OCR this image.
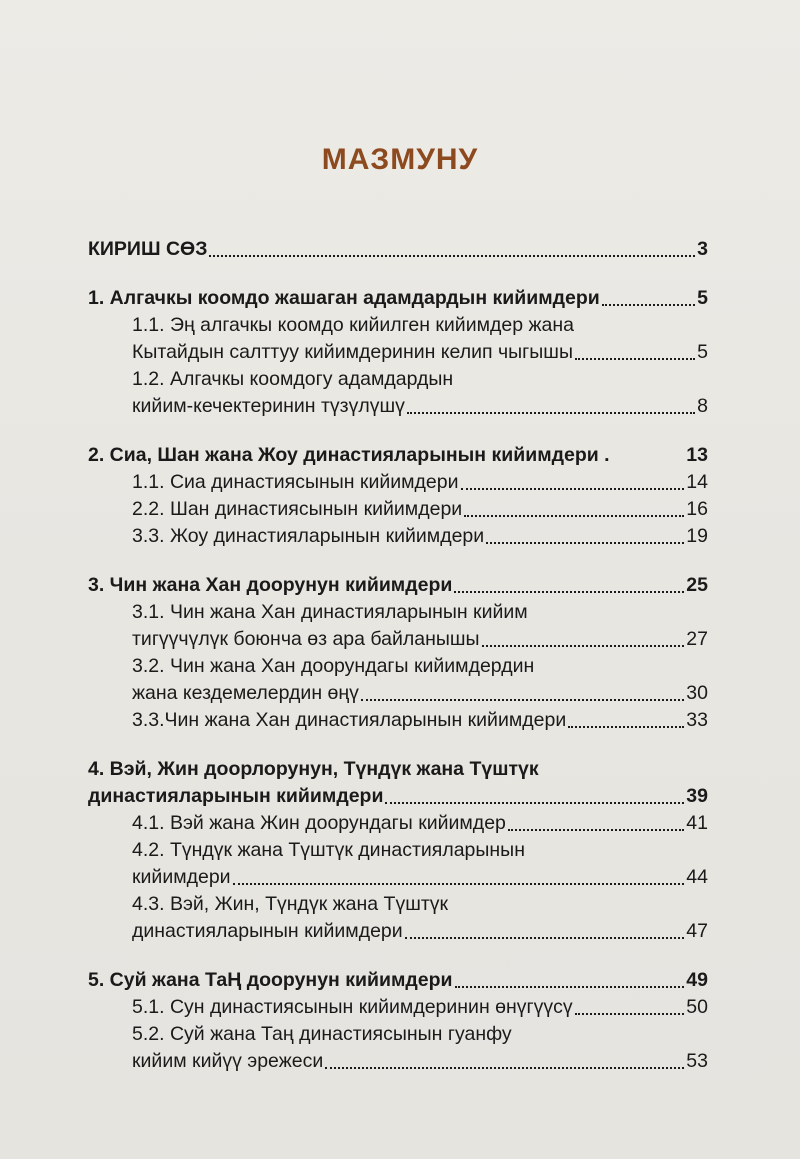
МАЗМУНУ
КИРИШ СӨЗ	3
1. Алгачкы коомдо жашаган адамдардын кийимдери	5
1.1. Эң алгачкы коомдо кийилген кийимдер жана
Кытайдын салттуу кийимдеринин келип чыгышы	5
1.2. Алгачкы коомдогу адамдардын
кийим-кечектеринин түзүлүшү	8
2. Сиа, Шан жана Жоу династияларынын кийимдери .	13
1.1. Сиа династиясынын кийимдери	14
2.2. Шан династиясынын кийимдери	16
3.3. Жоу династияларынын кийимдери	19
3. Чин жана Хан доорунун кийимдери	25
3.1. Чин жана Хан династияларынын кийим
тигүүчүлүк боюнча өз ара байланышы	27
3.2. Чин жана Хан доорундагы кийимдердин
жана кездемелердин өңү	30
3.3.Чин жана Хан династияларынын кийимдери	33
4. Вэй, Жин доорлорунун, Түндүк жана Түштүк
династияларынын кийимдери	39
4.1. Вэй жана Жин доорундагы кийимдер	41
4.2. Түндүк жана Түштүк династияларынын
кийимдери	44
4.3. Вэй, Жин, Түндүк жана Түштүк
династияларынын кийимдери	47
5. Суй жана ТаҢ доорунун кийимдери	49
5.1. Сун династиясынын кийимдеринин өнүгүүсү	50
5.2. Суй жана Таң династиясынын гуанфу
кийим кийүү эрежеси	53
